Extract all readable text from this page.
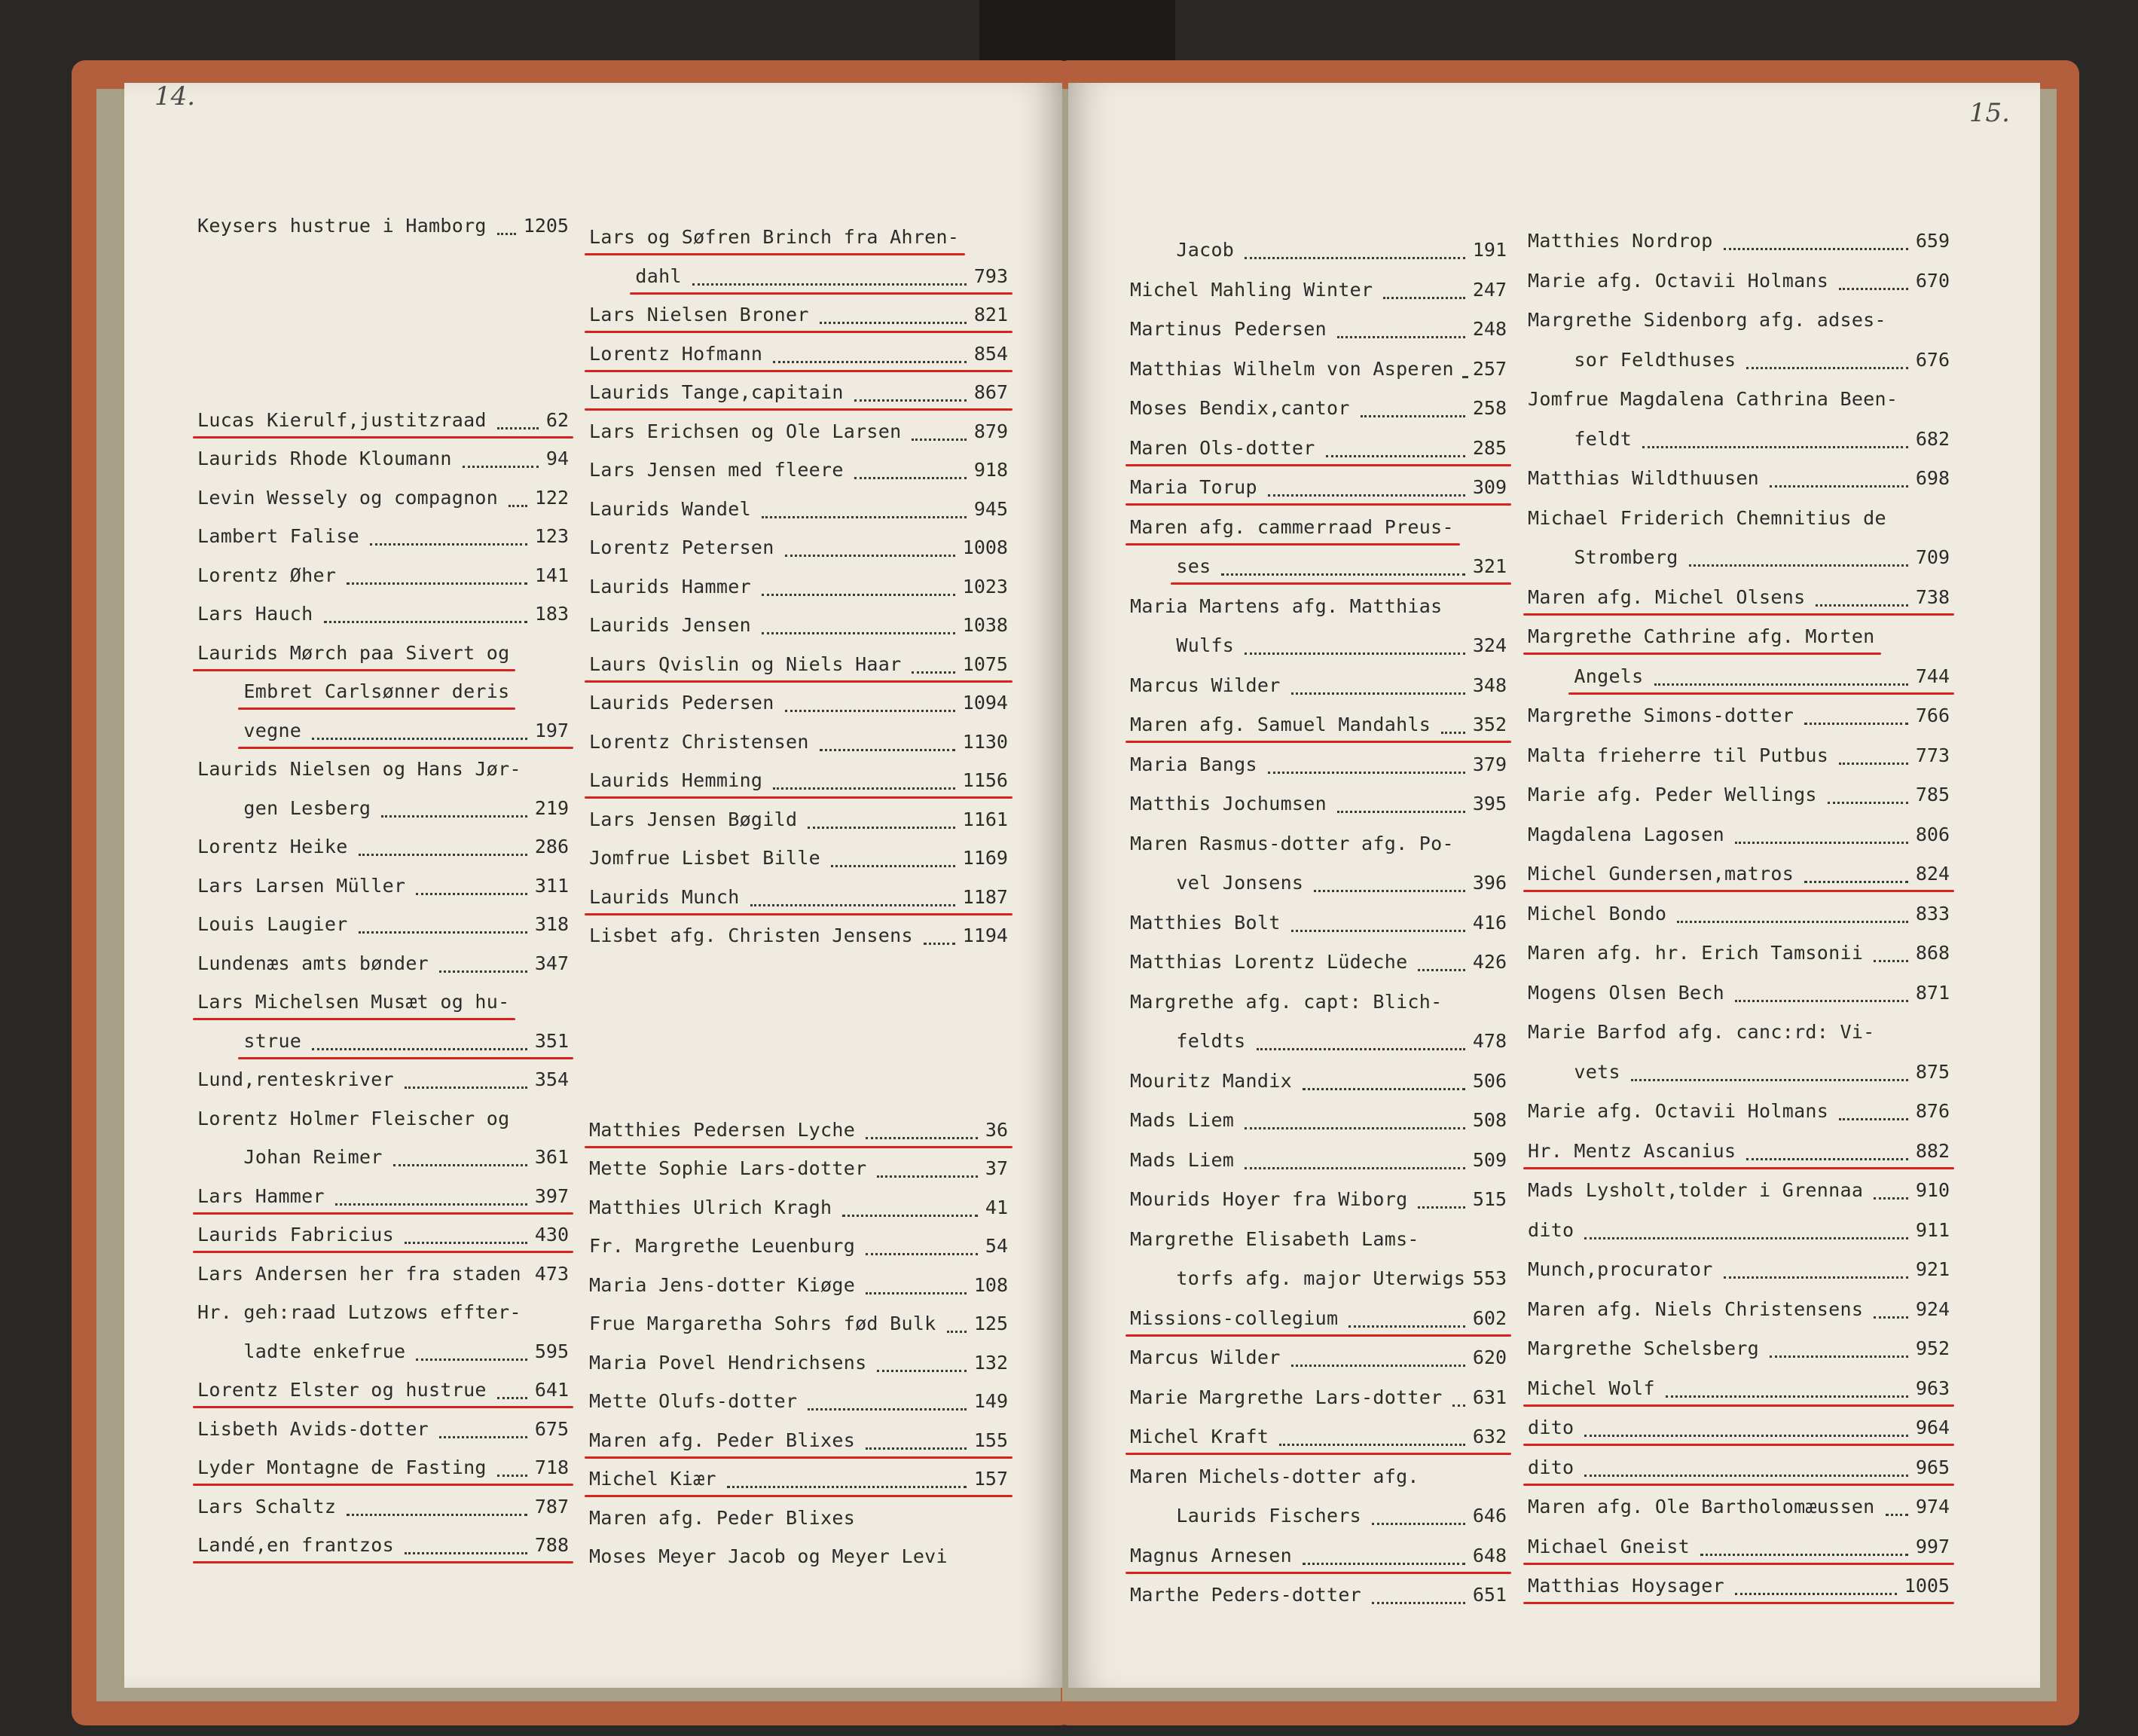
14.
15.
Keysers hustrue i Hamborg 1205
Lucas Kierulf,justitzraad	62
Laurids Rhode Kloumann	94
Levin Wessely og compagnon 122
Lambert Falise	123
Lorentz Øher	141
Lars Hauch	183
Laurids Mørch paa Sivert og
Embret Carlsønner deris
vegne	197
Laurids Nielsen og Hans Jør-
gen Lesberg	219
Lorentz Heike	286
Lars Larsen Müller	311
Louis Laugier	318
Lundenæs amts bønder	347
Lars Michelsen Musæt og hu-
strue	351
Lund,renteskriver	354
Lorentz Holmer Fleischer og
Johan Reimer	361
Lars Hammer	397
Laurids Fabricius	430
Lars Andersen her fra staden 473
Hr. geh:raad Lutzows effter-
ladte enkefrue	595
Lorentz Elster og hustrue	641
Lisbeth Avids-dotter	675
Lyder Montagne de Fasting	718
Lars Schaltz	787
Landé,en frantzos	788
Lars og Søfren Brinch fra Ahren-
dahl	793
Lars Nielsen Broner	821
Lorentz Hofmann	854
Laurids Tange,capitain	867
Lars Erichsen og Ole Larsen	879
Lars Jensen med fleere	918
Laurids Wandel	945
Lorentz Petersen	1008
Laurids Hammer	1023
Laurids Jensen	1038
Laurs Qvislin og Niels Haar	1075
Laurids Pedersen	1094
Lorentz Christensen	1130
Laurids Hemming	1156
Lars Jensen Bøgild	1161
Jomfrue Lisbet Bille	1169
Laurids Munch	1187
Lisbet afg. Christen Jensens	1194
Matthies Pedersen Lyche	36
Mette Sophie Lars-dotter	37
Matthies Ulrich Kragh	41
Fr. Margrethe Leuenburg	54
Maria Jens-dotter Kiøge	108
Frue Margaretha Sohrs fød Bulk 125
Maria Povel Hendrichsens	132
Mette Olufs-dotter	149
Maren afg. Peder Blixes	155
Michel Kiær	157
Maren afg. Peder Blixes
Moses Meyer Jacob og Meyer Levi
Jacob	191
Michel Mahling Winter	247
Martinus Pedersen	248
Matthias Wilhelm von Asperen 257
Moses Bendix,cantor	258
Maren Ols-dotter	285
Maria Torup	309
Maren afg. cammerraad Preus-
ses	321
Maria Martens afg. Matthias
Wulfs	324
Marcus Wilder	348
Maren afg. Samuel Mandahls 352
Maria Bangs	379
Matthis Jochumsen	395
Maren Rasmus-dotter afg. Po-
vel Jonsens	396
Matthies Bolt	416
Matthias Lorentz Lüdeche	426
Margrethe afg. capt: Blich-
feldts	478
Mouritz Mandix	506
Mads Liem	508
Mads Liem	509
Mourids Hoyer fra Wiborg	515
Margrethe Elisabeth Lams-
torfs afg. major Uterwigs 553
Missions-collegium	602
Marcus Wilder	620
Marie Margrethe Lars-dotter 631
Michel Kraft	632
Maren Michels-dotter afg.
Laurids Fischers	646
Magnus Arnesen	648
Marthe Peders-dotter	651
Matthies Nordrop	659
Marie afg. Octavii Holmans	670
Margrethe Sidenborg afg. adses-
sor Feldthuses	676
Jomfrue Magdalena Cathrina Been-
feldt	682
Matthias Wildthuusen	698
Michael Friderich Chemnitius de
Stromberg	709
Maren afg. Michel Olsens	738
Margrethe Cathrine afg. Morten
Angels	744
Margrethe Simons-dotter	766
Malta frieherre til Putbus	773
Marie afg. Peder Wellings	785
Magdalena Lagosen	806
Michel Gundersen,matros	824
Michel Bondo	833
Maren afg. hr. Erich Tamsonii	868
Mogens Olsen Bech	871
Marie Barfod afg. canc:rd: Vi-
vets	875
Marie afg. Octavii Holmans	876
Hr. Mentz Ascanius	882
Mads Lysholt,tolder i Grennaa	910
dito	911
Munch,procurator	921
Maren afg. Niels Christensens	924
Margrethe Schelsberg	952
Michel Wolf	963
dito	964
dito	965
Maren afg. Ole Bartholomæussen 974
Michael Gneist	997
Matthias Hoysager	1005
